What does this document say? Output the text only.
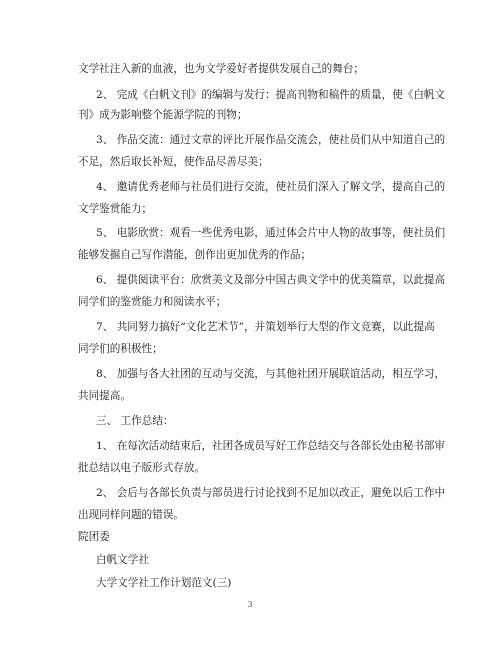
文学社注入新的血液，也为文学爱好者提供发展自己的舞台；
2、 完成《白帆文刊》的编辑与发行：提高刊物和稿件的质量，使《白帆文
刊》成为影响整个能源学院的刊物；
3、 作品交流：通过文章的评比开展作品交流会，使社员们从中知道自己的
不足，然后取长补短，使作品尽善尽美；
4、 邀请优秀老师与社员们进行交流，使社员们深入了解文学，提高自己的
文学鉴赏能力；
5、 电影欣赏：观看一些优秀电影，通过体会片中人物的故事等，使社员们
能够发掘自己写作潜能，创作出更加优秀的作品；
6、 提供阅读平台：欣赏美文及部分中国古典文学中的优美篇章，以此提高
同学们的鉴赏能力和阅读水平；
7、 共同努力搞好“文化艺术节”，并策划举行大型的作文竞赛，以此提高
同学们的积极性；
8、 加强与各大社团的互动与交流，与其他社团开展联谊活动，相互学习，
共同提高。
三、 工作总结：
1、 在每次活动结束后，社团各成员写好工作总结交与各部长处由秘书部审
批总结以电子版形式存放。
2、 会后与各部长负责与部员进行讨论找到不足加以改正，避免以后工作中
出现同样问题的错误。
院团委
白帆文学社
大学文学社工作计划范文(三)
3
